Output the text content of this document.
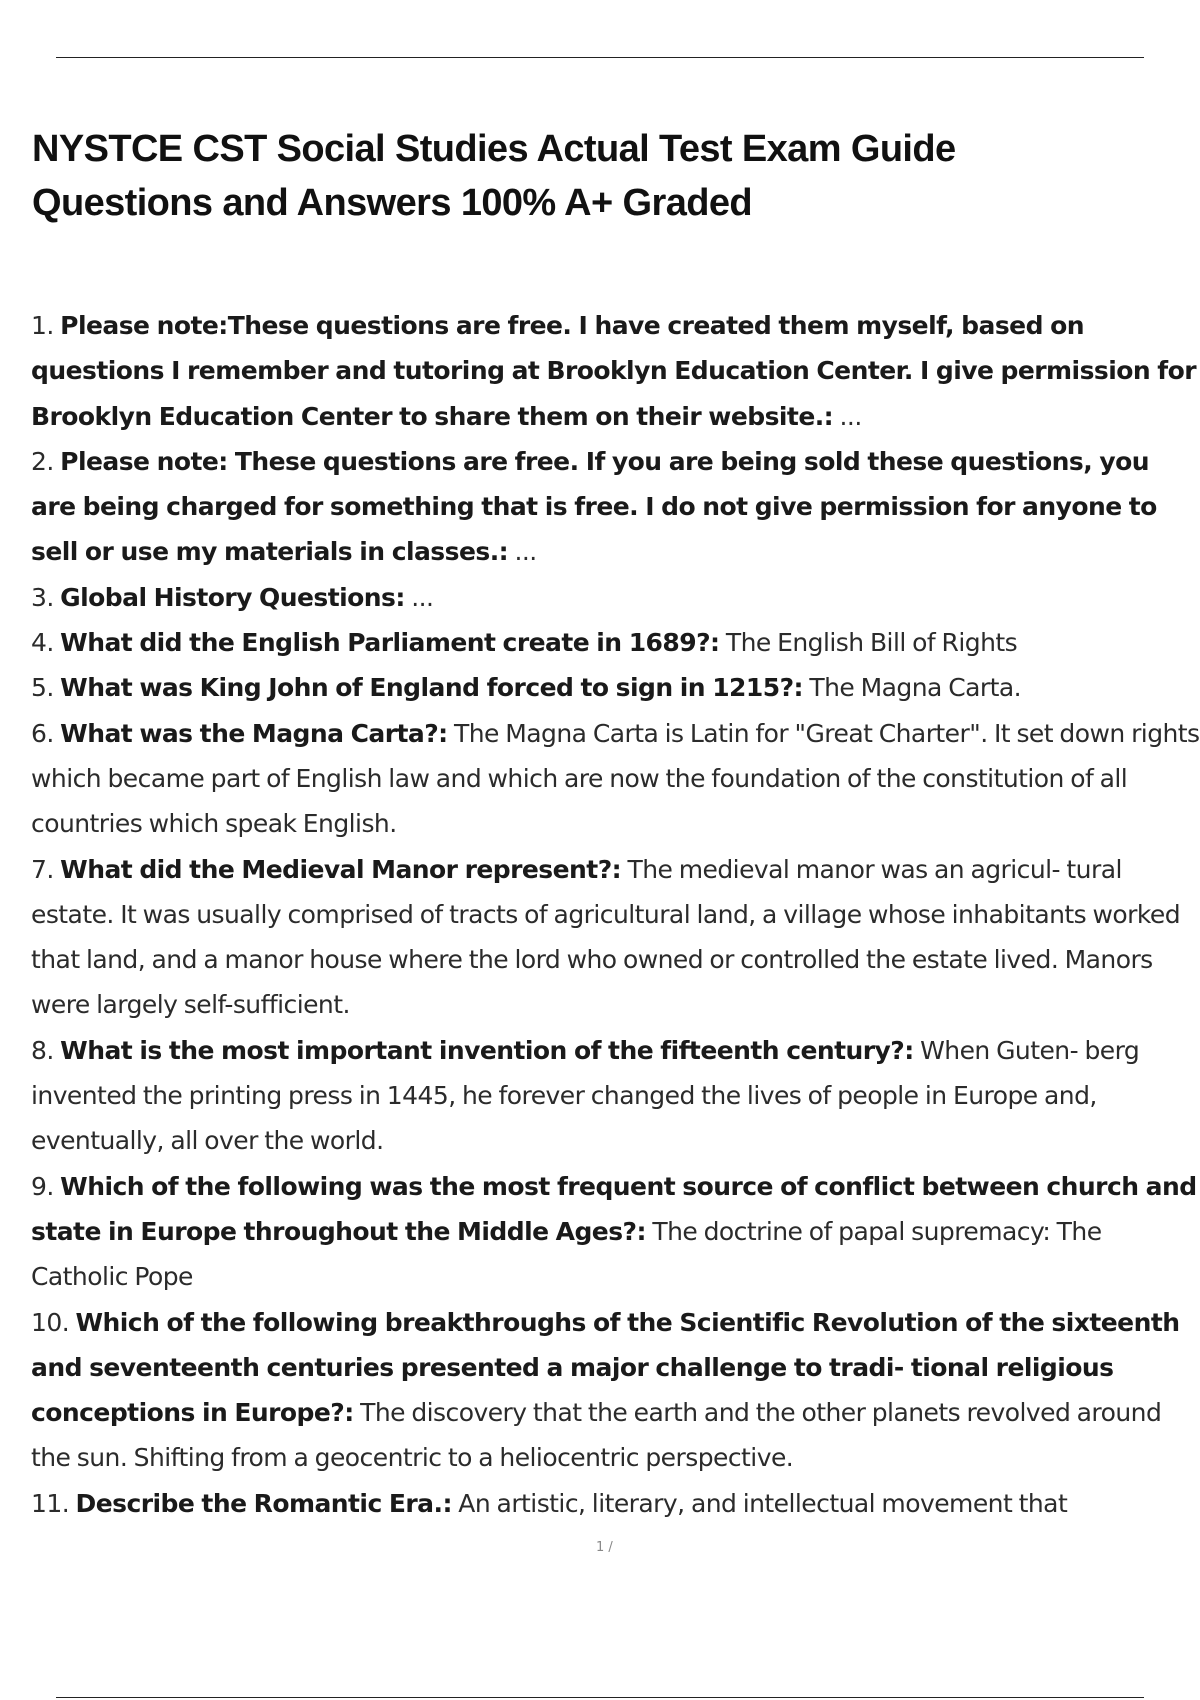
NYSTCE CST Social Studies Actual Test Exam Guide Questions and Answers 100% A+ Graded
1. Please note:These questions are free. I have created them myself, based on questions I remember and tutoring at Brooklyn Education Center. I give permission for Brooklyn Education Center to share them on their website.: ...
2. Please note: These questions are free. If you are being sold these questions, you are being charged for something that is free. I do not give permission for anyone to sell or use my materials in classes.: ...
3. Global History Questions: ...
4. What did the English Parliament create in 1689?: The English Bill of Rights
5. What was King John of England forced to sign in 1215?: The Magna Carta.
6. What was the Magna Carta?: The Magna Carta is Latin for "Great Charter". It set down rights which became part of English law and which are now the foundation of the constitution of all countries which speak English.
7. What did the Medieval Manor represent?: The medieval manor was an agricul- tural estate. It was usually comprised of tracts of agricultural land, a village whose inhabitants worked that land, and a manor house where the lord who owned or controlled the estate lived. Manors were largely self-sufficient.
8. What is the most important invention of the fifteenth century?: When Guten- berg invented the printing press in 1445, he forever changed the lives of people in Europe and, eventually, all over the world.
9. Which of the following was the most frequent source of conflict between church and state in Europe throughout the Middle Ages?: The doctrine of papal supremacy: The Catholic Pope
10. Which of the following breakthroughs of the Scientific Revolution of the sixteenth and seventeenth centuries presented a major challenge to tradi- tional religious conceptions in Europe?: The discovery that the earth and the other planets revolved around the sun. Shifting from a geocentric to a heliocentric perspective.
11. Describe the Romantic Era.: An artistic, literary, and intellectual movement that
1 /
